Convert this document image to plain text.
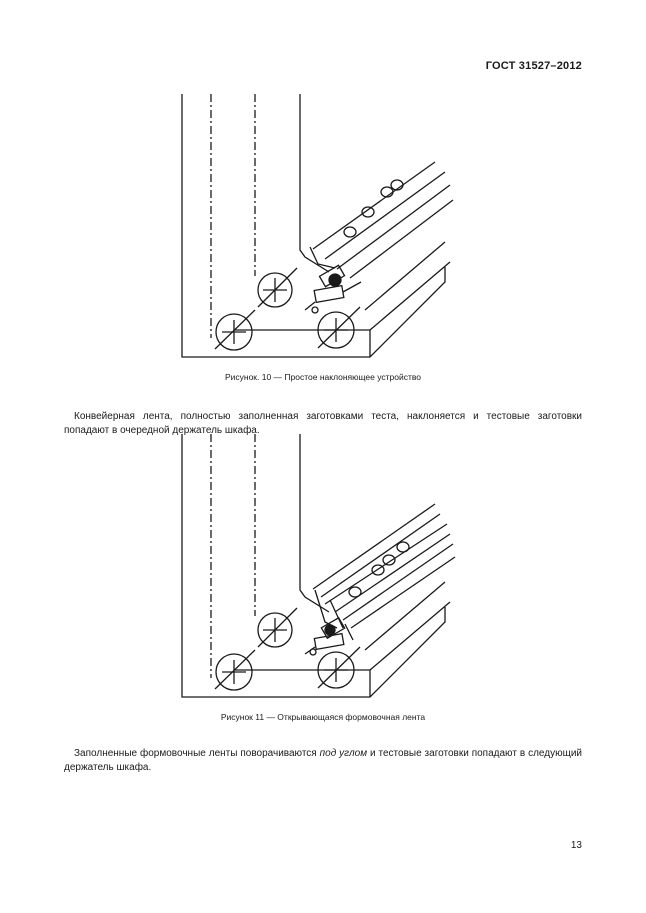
ГОСТ 31527–2012
Рисунок. 10 — Простое наклоняющее устройство

Конвейерная лента, полностью заполненная заготовками теста, наклоняется и тестовые заготовки попадают в очередной держатель шкафа.

Рисунок 11 — Открывающаяся формовочная лента

Заполненные формовочные ленты поворачиваются под углом и тестовые заготовки попадают в следующий держатель шкафа.

13
